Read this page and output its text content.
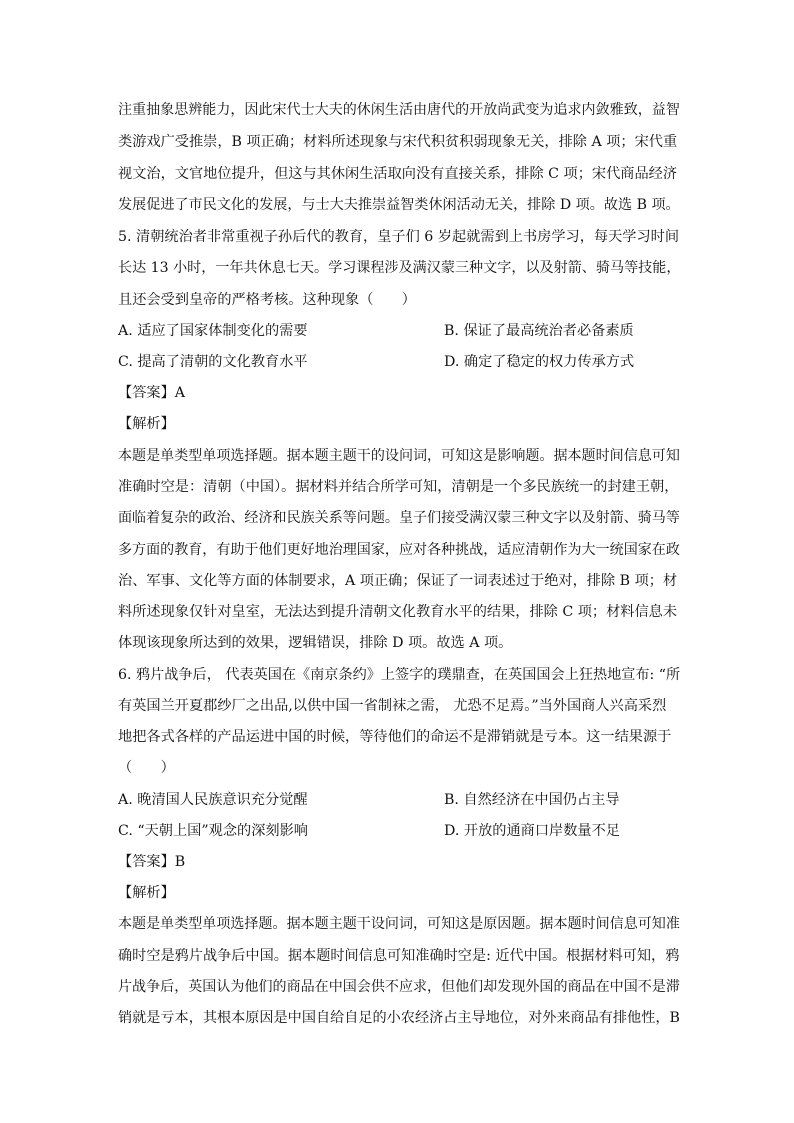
注重抽象思辨能力，因此宋代士大夫的休闲生活由唐代的开放尚武变为追求内敛雅致，益智
类游戏广受推崇，B 项正确；材料所述现象与宋代积贫积弱现象无关，排除 A 项；宋代重
视文治，文官地位提升，但这与其休闲生活取向没有直接关系，排除 C 项；宋代商品经济
发展促进了市民文化的发展，与士大夫推崇益智类休闲活动无关，排除 D 项。故选 B 项。
5. 清朝统治者非常重视子孙后代的教育，皇子们 6 岁起就需到上书房学习，每天学习时间
长达 13 小时，一年共休息七天。学习课程涉及满汉蒙三种文字，以及射箭、骑马等技能，
且还会受到皇帝的严格考核。这种现象（　　）
A. 适应了国家体制变化的需要	B. 保证了最高统治者必备素质
C. 提高了清朝的文化教育水平	D. 确定了稳定的权力传承方式
【答案】A
【解析】
本题是单类型单项选择题。据本题主题干的设问词，可知这是影响题。据本题时间信息可知
准确时空是：清朝（中国）。据材料并结合所学可知，清朝是一个多民族统一的封建王朝，
面临着复杂的政治、经济和民族关系等问题。皇子们接受满汉蒙三种文字以及射箭、骑马等
多方面的教育，有助于他们更好地治理国家，应对各种挑战，适应清朝作为大一统国家在政
治、军事、文化等方面的体制要求，A 项正确；保证了一词表述过于绝对，排除 B 项；材
料所述现象仅针对皇室，无法达到提升清朝文化教育水平的结果，排除 C 项；材料信息未
体现该现象所达到的效果，逻辑错误，排除 D 项。故选 A 项。
6. 鸦片战争后， 代表英国在《南京条约》上签字的璞鼎查，在英国国会上狂热地宣布: “所
有英国兰开夏郡纱厂之出品,以供中国一省制袜之需， 尤恐不足焉。”当外国商人兴高采烈
地把各式各样的产品运进中国的时候，等待他们的命运不是滞销就是亏本。这一结果源于
（　　）
A. 晚清国人民族意识充分觉醒	B. 自然经济在中国仍占主导
C. “天朝上国”观念的深刻影响	D. 开放的通商口岸数量不足
【答案】B
【解析】
本题是单类型单项选择题。据本题主题干设问词，可知这是原因题。据本题时间信息可知准
确时空是鸦片战争后中国。据本题时间信息可知准确时空是: 近代中国。根据材料可知，鸦
片战争后，英国认为他们的商品在中国会供不应求，但他们却发现外国的商品在中国不是滞
销就是亏本，其根本原因是中国自给自足的小农经济占主导地位，对外来商品有排他性，B
